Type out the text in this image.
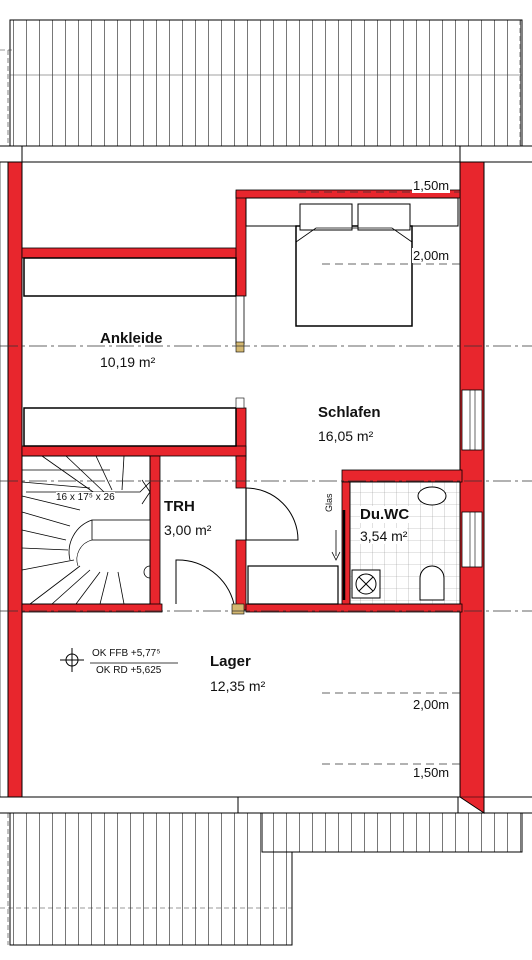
Ankleide
10,19 m²
Schlafen
16,05 m²
TRH
3,00 m²
Du.WC
3,54 m²
Lager
12,35 m²
1,50m
2,00m
2,00m
1,50m
16 x 17⁵ x 26	Glas
OK FFB +5,77⁵
OK RD +5,625
